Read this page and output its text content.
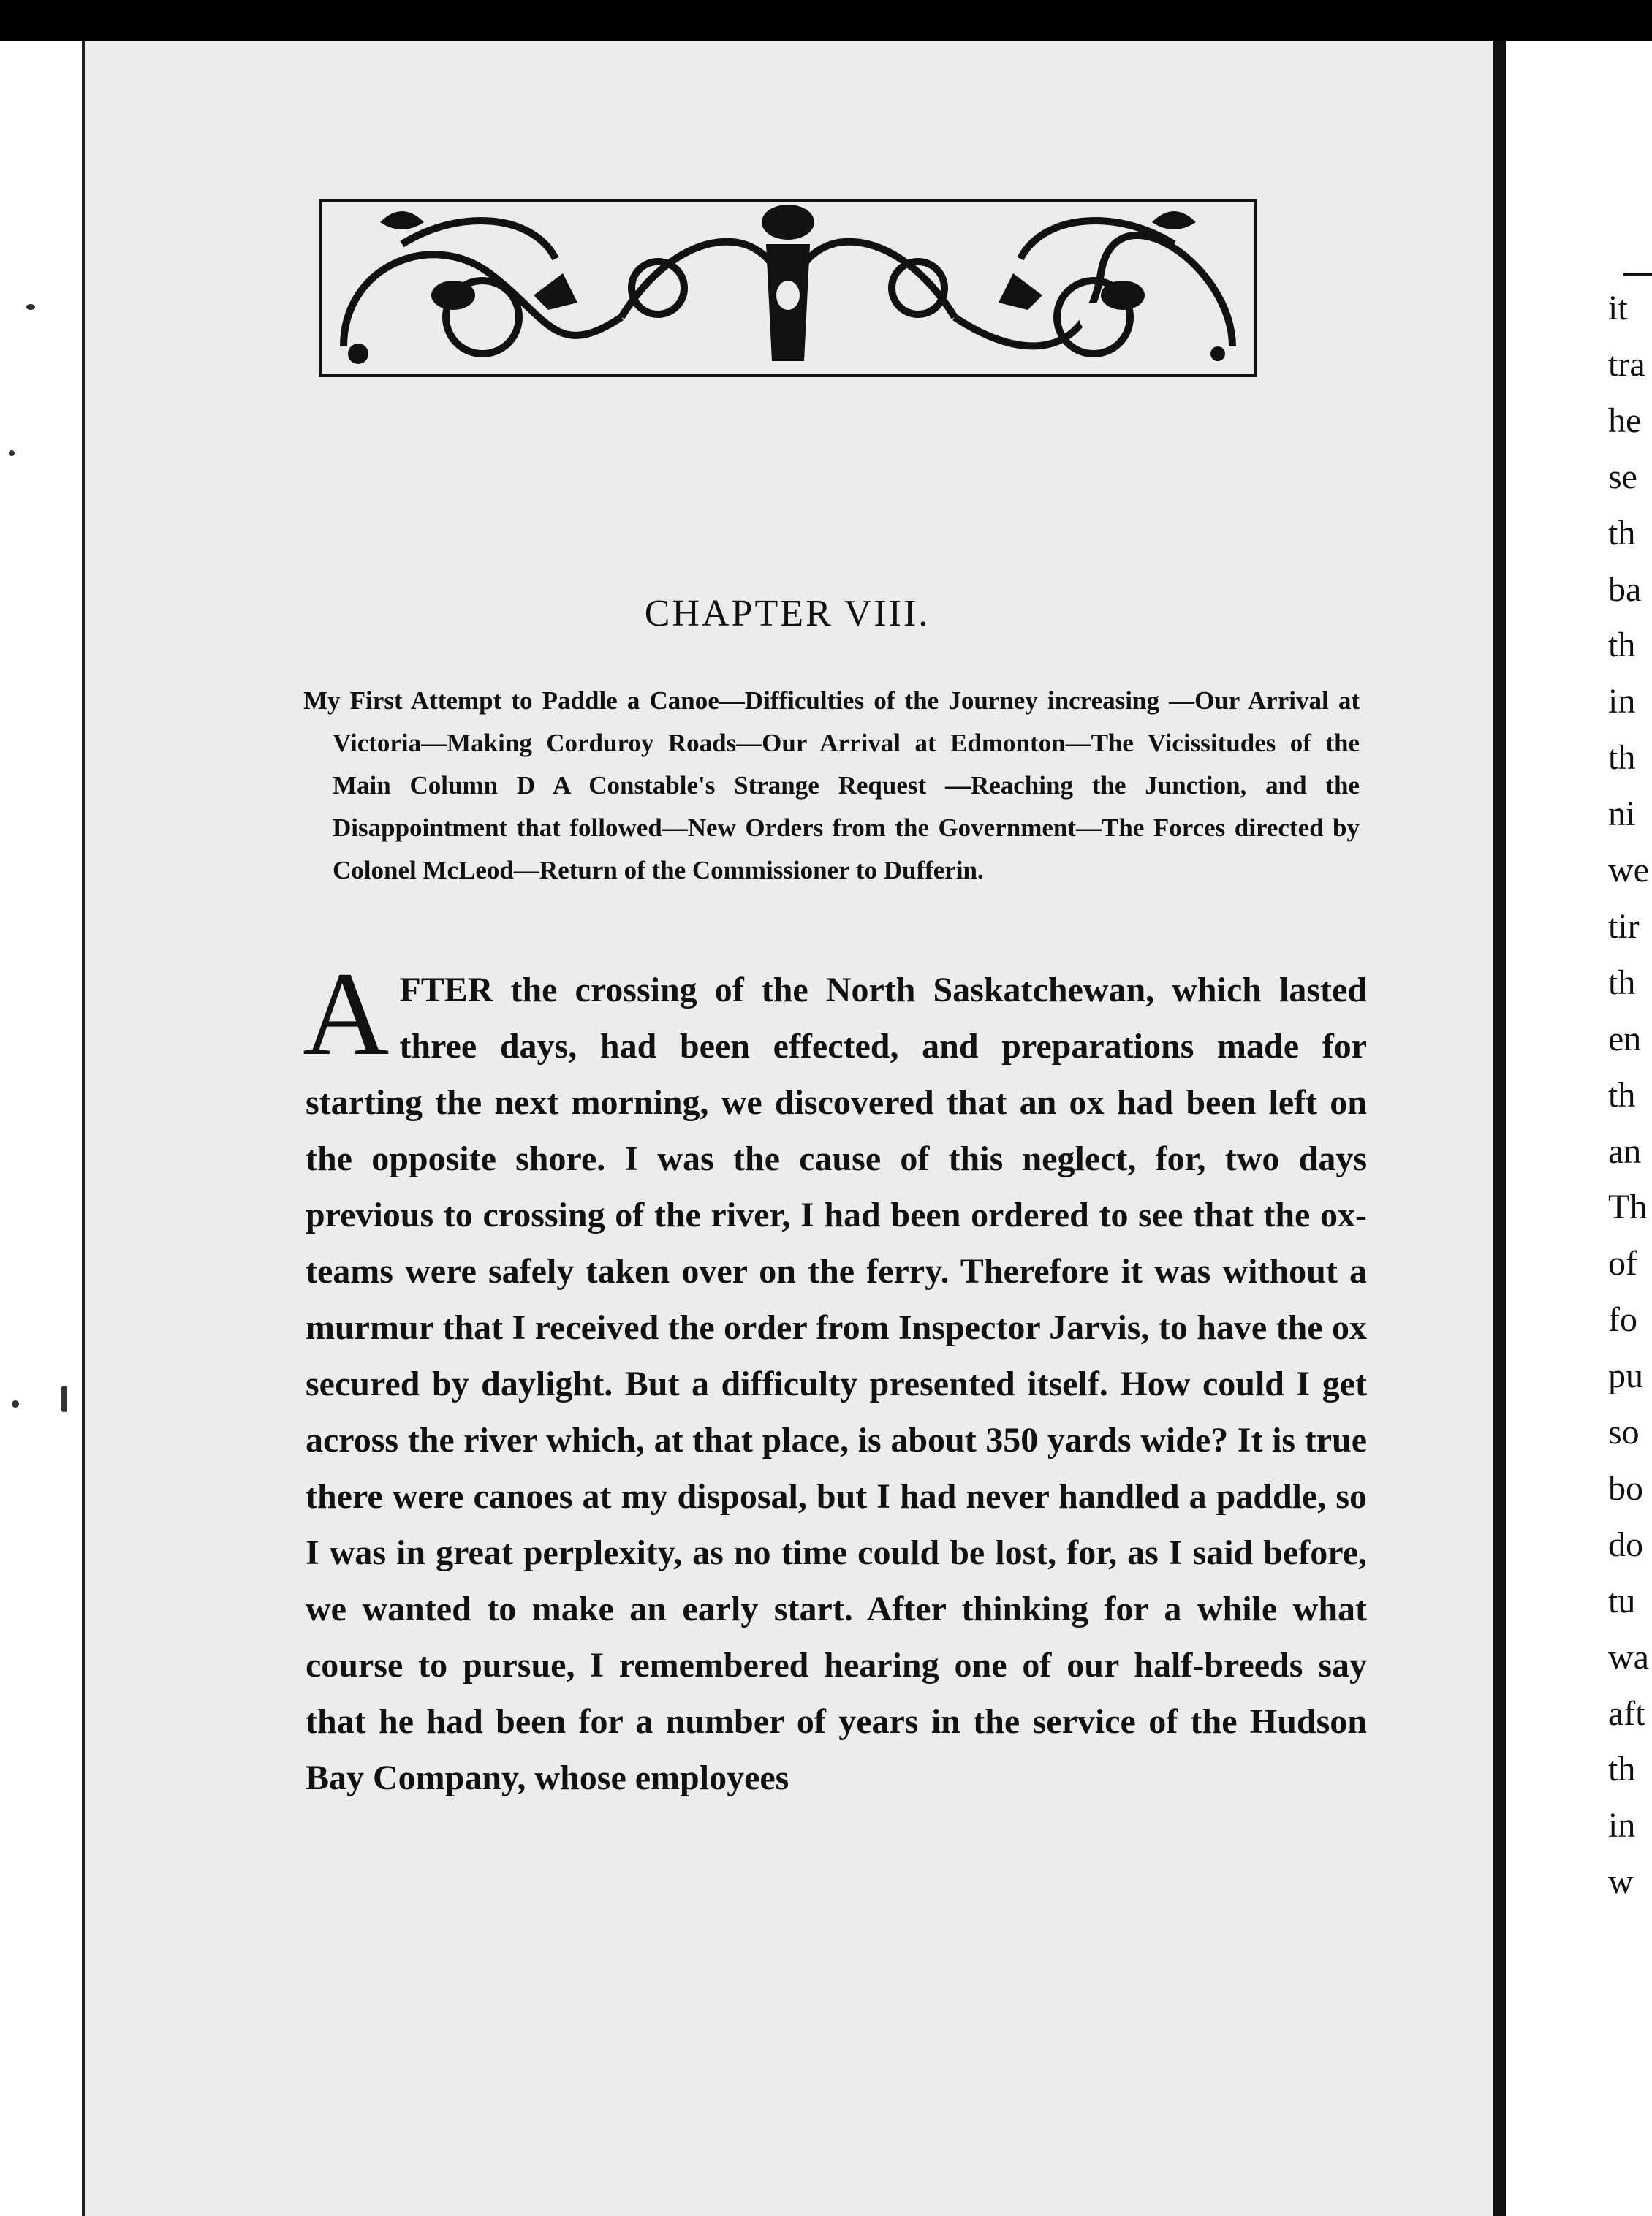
CHAPTER VIII.
My First Attempt to Paddle a Canoe—Difficulties of the Journey increasing —Our Arrival at Victoria—Making Corduroy Roads—Our Arrival at Edmonton—The Vicissitudes of the Main Column D A Constable's Strange Request —Reaching the Junction, and the Disappointment that followed—New Orders from the Government—The Forces directed by Colonel McLeod—Return of the Commissioner to Dufferin.
AFTER the crossing of the North Saskatchewan, which lasted three days, had been effected, and preparations made for starting the next morning, we discovered that an ox had been left on the opposite shore. I was the cause of this neglect, for, two days previous to crossing of the river, I had been ordered to see that the ox-teams were safely taken over on the ferry. Therefore it was without a murmur that I received the order from Inspector Jarvis, to have the ox secured by daylight. But a difficulty presented itself. How could I get across the river which, at that place, is about 350 yards wide? It is true there were canoes at my disposal, but I had never handled a paddle, so I was in great perplexity, as no time could be lost, for, as I said before, we wanted to make an early start. After thinking for a while what course to pursue, I remembered hearing one of our half-breeds say that he had been for a number of years in the service of the Hudson Bay Company, whose employees
it
tra
he
se
th
ba
th
in
th
ni
we
tir
th
en
th
an
Th
of
fo
pu
so
bo
do
tu
wa
aft
th
in
w
